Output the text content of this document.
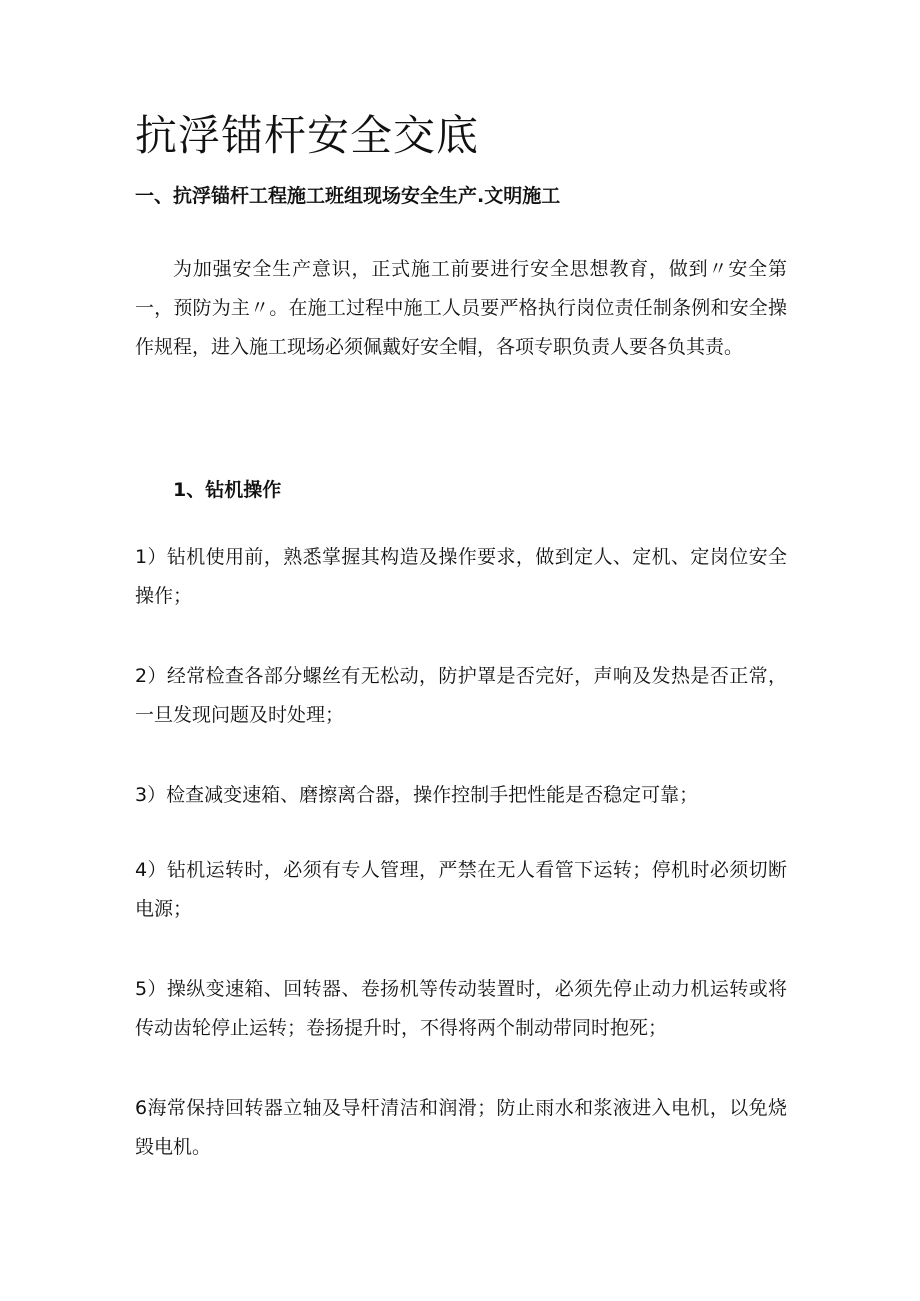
抗浮锚杆安全交底
一、抗浮锚杆工程施工班组现场安全生产.文明施工

为加强安全生产意识，正式施工前要进行安全思想教育，做到〃安全第一，预防为主〃。在施工过程中施工人员要严格执行岗位责任制条例和安全操作规程，进入施工现场必须佩戴好安全帽，各项专职负责人要各负其责。

1、钻机操作

1）钻机使用前，熟悉掌握其构造及操作要求，做到定人、定机、定岗位安全操作；

2）经常检查各部分螺丝有无松动，防护罩是否完好，声响及发热是否正常，一旦发现问题及时处理；

3）检查减变速箱、磨擦离合器，操作控制手把性能是否稳定可靠；

4）钻机运转时，必须有专人管理，严禁在无人看管下运转；停机时必须切断电源；

5）操纵变速箱、回转器、卷扬机等传动装置时，必须先停止动力机运转或将传动齿轮停止运转；卷扬提升时，不得将两个制动带同时抱死；

6海常保持回转器立轴及导杆清洁和润滑；防止雨水和浆液进入电机，以免烧毁电机。
